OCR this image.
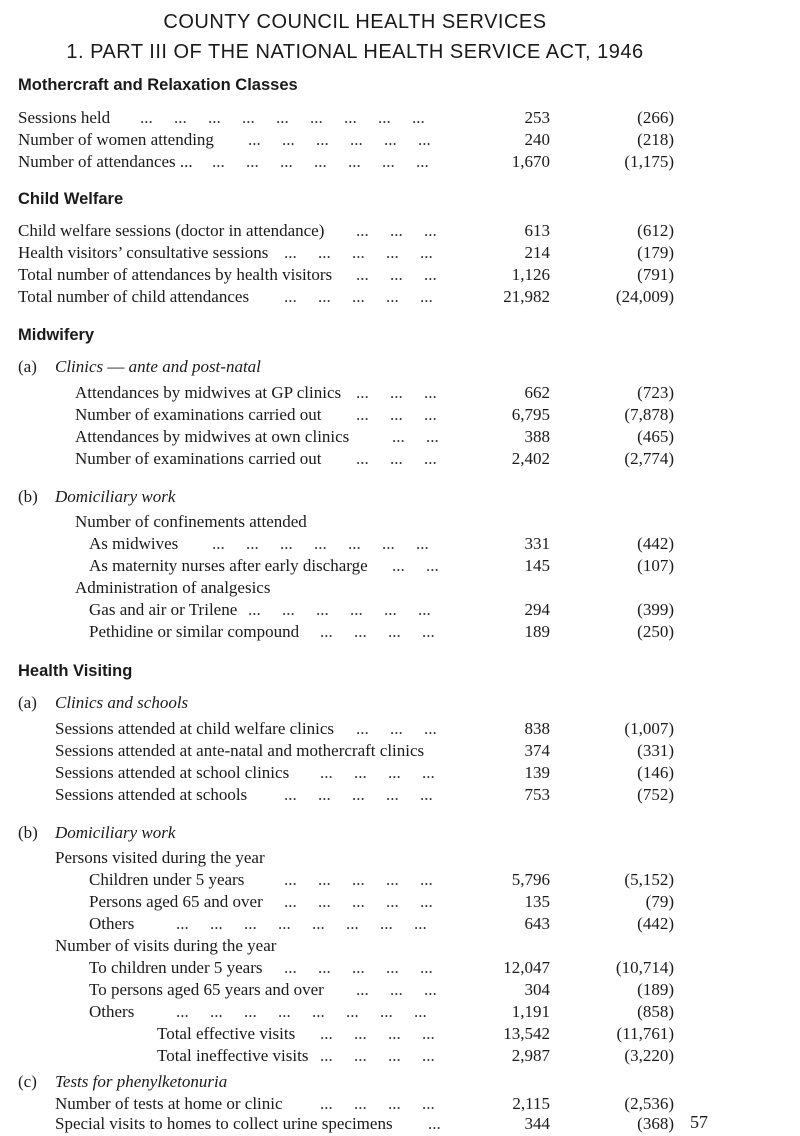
COUNTY COUNCIL HEALTH SERVICES
1. PART III OF THE NATIONAL HEALTH SERVICE ACT, 1946
Mothercraft and Relaxation Classes
Sessions held	253	(266)
...     ...     ...     ...     ...     ...     ...     ...     ...
Number of women attending	240	(218)
...     ...     ...     ...     ...     ...
Number of attendances ...	1,670	(1,175)
...     ...     ...     ...     ...     ...     ...
Child Welfare
Child welfare sessions (doctor in attendance)	613	(612)
...     ...     ...
Health visitors’ consultative sessions	214	(179)
...     ...     ...     ...     ...
Total number of attendances by health visitors	1,126	(791)
...     ...     ...
Total number of child attendances	21,982	(24,009)
...     ...     ...     ...     ...
Midwifery
(a) Clinics — ante and post-natal
Attendances by midwives at GP clinics	662	(723)
...     ...     ...
Number of examinations carried out	6,795	(7,878)
...     ...     ...
Attendances by midwives at own clinics	388	(465)
...     ...
Number of examinations carried out	2,402	(2,774)
...     ...     ...
(b) Domiciliary work
Number of confinements attended
As midwives	331	(442)
...     ...     ...     ...     ...     ...     ...
As maternity nurses after early discharge	145	(107)
...     ...
Administration of analgesics
Gas and air or Trilene	294	(399)
...     ...     ...     ...     ...     ...
Pethidine or similar compound	189	(250)
...     ...     ...     ...
Health Visiting
(a) Clinics and schools
Sessions attended at child welfare clinics	838	(1,007)
...     ...     ...
Sessions attended at ante-natal and mothercraft clinics	374	(331)
Sessions attended at school clinics	139	(146)
...     ...     ...     ...
Sessions attended at schools	753	(752)
...     ...     ...     ...     ...
(b) Domiciliary work
Persons visited during the year
Children under 5 years	5,796	(5,152)
...     ...     ...     ...     ...
Persons aged 65 and over	135	(79)
...     ...     ...     ...     ...
Others	643	(442)
...     ...     ...     ...     ...     ...     ...     ...
Number of visits during the year
To children under 5 years	12,047	(10,714)
...     ...     ...     ...     ...
To persons aged 65 years and over	304	(189)
...     ...     ...
Others	1,191	(858)
...     ...     ...     ...     ...     ...     ...     ...
Total effective visits	13,542	(11,761)
...     ...     ...     ...
Total ineffective visits	2,987	(3,220)
...     ...     ...     ...
(c) Tests for phenylketonuria
57
Number of tests at home or clinic	2,115	(2,536)
...     ...     ...     ...
Special visits to homes to collect urine specimens	344	(368)
...
